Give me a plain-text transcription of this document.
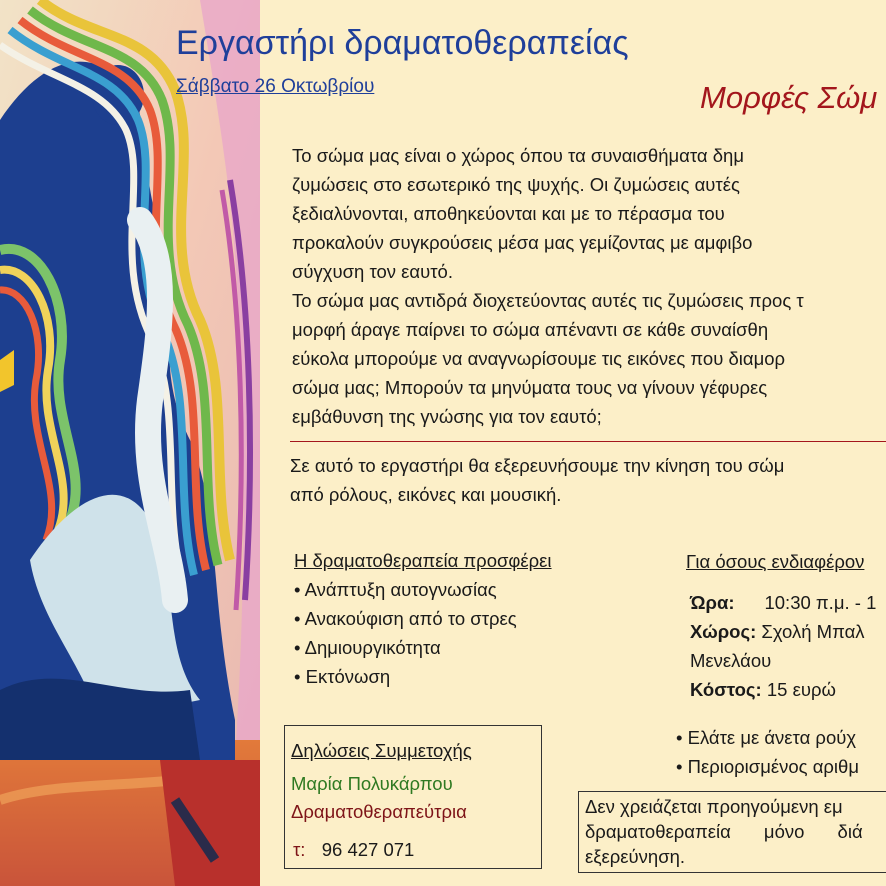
Εργαστήρι δραματοθεραπείας
Σάββατο 26 Οκτωβρίου	Μορφές Σώμ
Το σώμα μας είναι ο χώρος όπου τα συναισθήματα δημ
ζυμώσεις στο εσωτερικό της ψυχής. Οι ζυμώσεις αυτές
ξεδιαλύνονται, αποθηκεύονται και με το πέρασμα του
προκαλούν συγκρούσεις μέσα μας γεμίζοντας με αμφιβο
σύγχυση τον εαυτό.
Το σώμα μας αντιδρά διοχετεύοντας αυτές τις ζυμώσεις προς τ
μορφή άραγε παίρνει το σώμα απέναντι σε κάθε συναίσθη
εύκολα μπορούμε να αναγνωρίσουμε τις εικόνες που διαμορ
σώμα μας; Μπορούν τα μηνύματα τους να γίνουν γέφυρες
εμβάθυνση της γνώσης για τον εαυτό;
Σε αυτό το εργαστήρι θα εξερευνήσουμε την κίνηση του σώμ
από ρόλους, εικόνες και μουσική.
Η δραματοθεραπεία προσφέρει
• Ανάπτυξη αυτογνωσίας
• Ανακούφιση από το στρες
• Δημιουργικότητα
• Εκτόνωση
Για όσους ενδιαφέρον
Ώρα: 10:30 π.μ. - 1
Χώρος: Σχολή Μπαλ
Μενελάου
Κόστος: 15 ευρώ
• Ελάτε με άνετα ρούχ
• Περιορισμένος αριθμ
Δηλώσεις Συμμετοχής
Μαρία Πολυκάρπου
Δραματοθεραπεύτρια
τ: 96 427 071
Δεν χρειάζεται προηγούμενη εμ
δραματοθεραπεία μόνο διά
εξερεύνηση.
